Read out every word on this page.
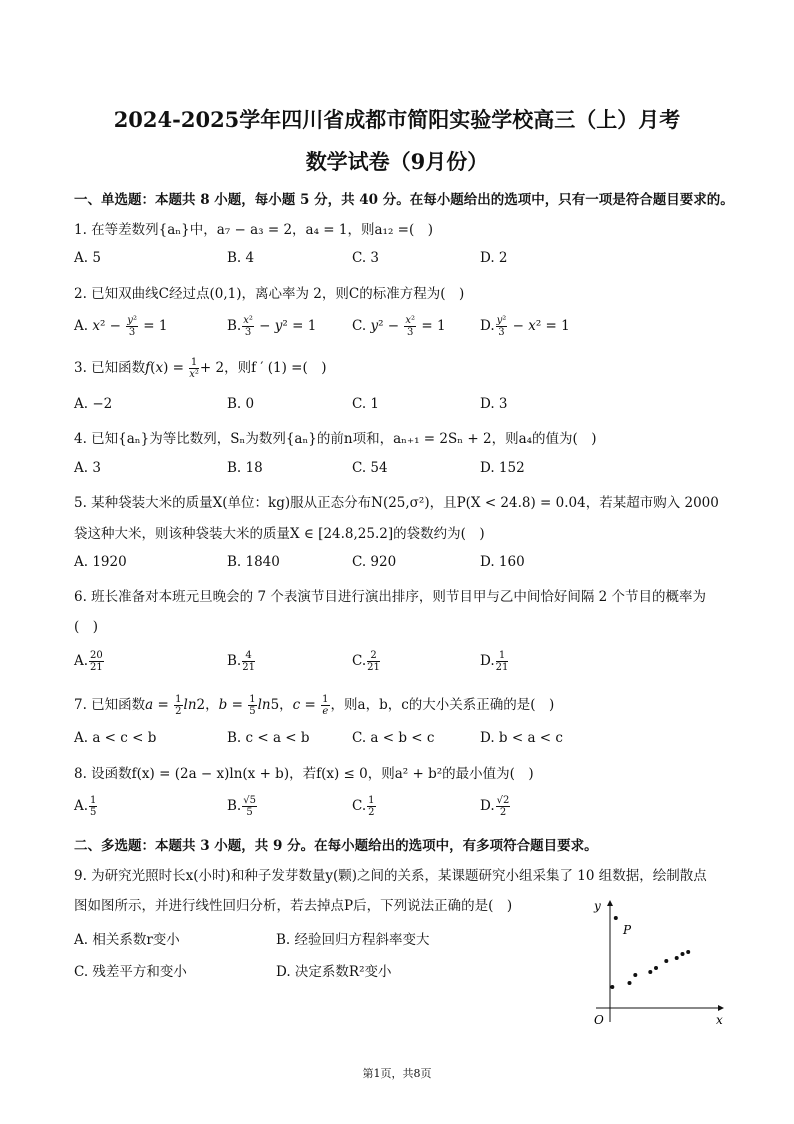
2024-2025学年四川省成都市简阳实验学校高三（上）月考
数学试卷（9月份）
一、单选题：本题共 8 小题，每小题 5 分，共 40 分。在每小题给出的选项中，只有一项是符合题目要求的。
1. 在等差数列{aₙ}中，a₇ − a₃ = 2，a₄ = 1，则a₁₂ =(　)
A. 5	B. 4	C. 3	D. 2
2. 已知双曲线C经过点(0,1)，离心率为 2，则C的标准方程为(　)
A. $x^2 - \frac{\text{y²}}{3} = 1$	B. $\frac{\text{x²}}{3} - y^2 = 1$	C. $y^2 - \frac{\text{x²}}{3} = 1$	D. $\frac{\text{y²}}{3} - x^2 = 1$
3. 已知函数$f(x) = \frac{1}{\text{x²}} + 2$，则f ′ (1) =(　)
A. −2	B. 0	C. 1	D. 3
4. 已知{aₙ}为等比数列，Sₙ为数列{aₙ}的前n项和，aₙ₊₁ = 2Sₙ + 2，则a₄的值为(　)
A. 3	B. 18	C. 54	D. 152
5. 某种袋装大米的质量X(单位：kg)服从正态分布N(25,σ²)，且P(X < 24.8) = 0.04，若某超市购入 2000
袋这种大米，则该种袋装大米的质量X ∈ [24.8,25.2]的袋数约为(　)
A. 1920	B. 1840	C. 920	D. 160
6. 班长准备对本班元旦晚会的 7 个表演节目进行演出排序，则节目甲与乙中间恰好间隔 2 个节目的概率为
(　)
A. $\frac{20}{21}$	B. $\frac{4}{21}$	C. $\frac{2}{21}$	D. $\frac{1}{21}$
7. 已知函数$a = \frac{1}{2} \ln 2$，$b = \frac{1}{5} \ln 5$，$c = \frac{1}{e}$ ，则a，b，c的大小关系正确的是(　)
A. a < c < b	B. c < a < b	C. a < b < c	D. b < a < c
8. 设函数f(x) = (2a − x)ln(x + b)，若f(x) ≤ 0，则a² + b²的最小值为(　)
A. $\frac{1}{5}$	B. $\frac{√5}{5}$	C. $\frac{1}{2}$	D. $\frac{√2}{2}$
二、多选题：本题共 3 小题，共 9 分。在每小题给出的选项中，有多项符合题目要求。
9. 为研究光照时长x(小时)和种子发芽数量y(颗)之间的关系，某课题研究小组采集了 10 组数据，绘制散点
图如图所示，并进行线性回归分析，若去掉点P后，下列说法正确的是(　)
A. 相关系数r变小	B. 经验回归方程斜率变大
C. 残差平方和变小	D. 决定系数R²变小
x
y
O
P
第1页，共8页
